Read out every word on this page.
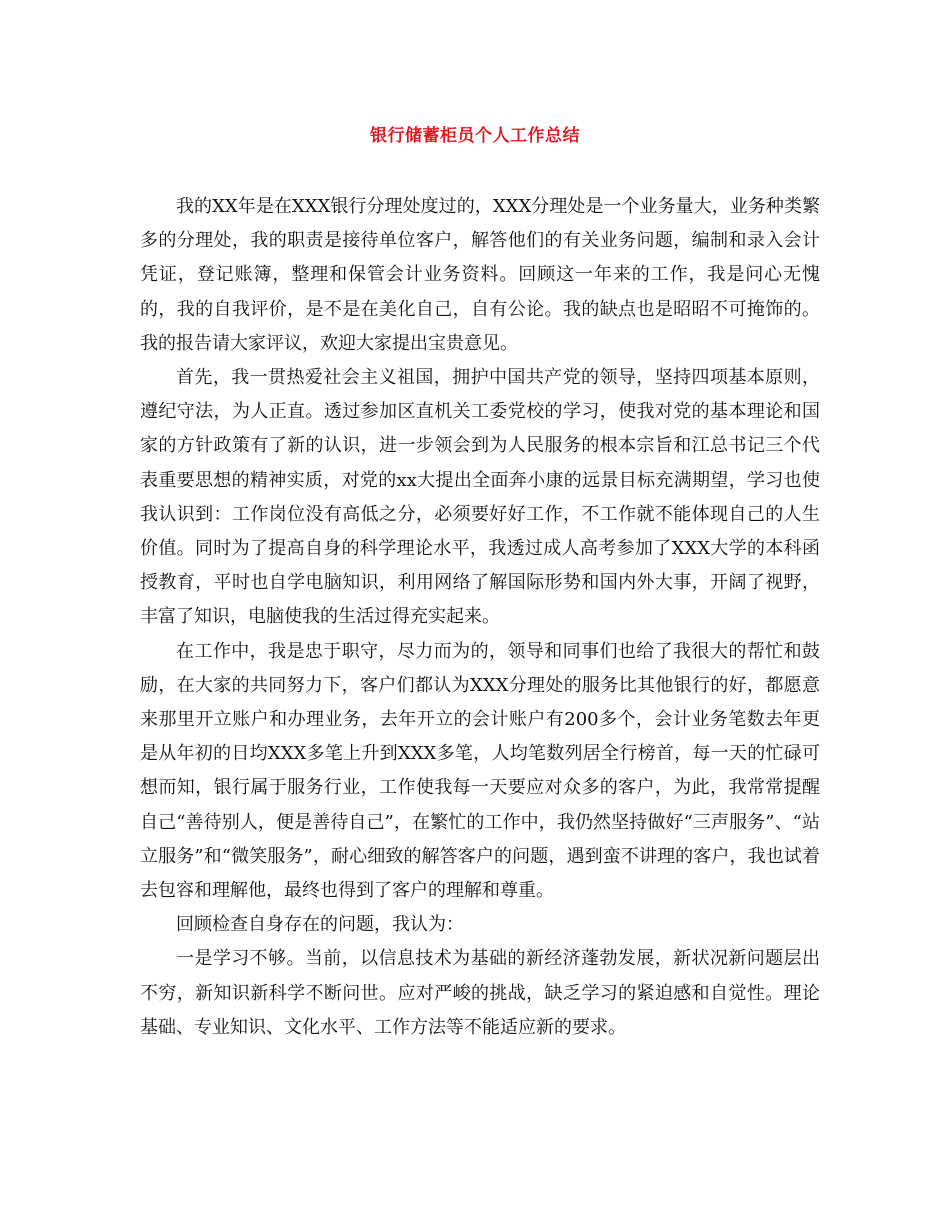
银行储蓄柜员个人工作总结

我的XX年是在XXX银行分理处度过的，XXX分理处是一个业务量大，业务种类繁多的分理处，我的职责是接待单位客户，解答他们的有关业务问题，编制和录入会计凭证，登记账簿，整理和保管会计业务资料。回顾这一年来的工作，我是问心无愧的，我的自我评价，是不是在美化自己，自有公论。我的缺点也是昭昭不可掩饰的。我的报告请大家评议，欢迎大家提出宝贵意见。

首先，我一贯热爱社会主义祖国，拥护中国共产党的领导，坚持四项基本原则，遵纪守法，为人正直。透过参加区直机关工委党校的学习，使我对党的基本理论和国家的方针政策有了新的认识，进一步领会到为人民服务的根本宗旨和江总书记三个代表重要思想的精神实质，对党的xx大提出全面奔小康的远景目标充满期望，学习也使我认识到：工作岗位没有高低之分，必须要好好工作，不工作就不能体现自己的人生价值。同时为了提高自身的科学理论水平，我透过成人高考参加了XXX大学的本科函授教育，平时也自学电脑知识，利用网络了解国际形势和国内外大事，开阔了视野，丰富了知识，电脑使我的生活过得充实起来。

在工作中，我是忠于职守，尽力而为的，领导和同事们也给了我很大的帮忙和鼓励，在大家的共同努力下，客户们都认为XXX分理处的服务比其他银行的好，都愿意来那里开立账户和办理业务，去年开立的会计账户有200多个，会计业务笔数去年更是从年初的日均XXX多笔上升到XXX多笔，人均笔数列居全行榜首，每一天的忙碌可想而知，银行属于服务行业，工作使我每一天要应对众多的客户，为此，我常常提醒自己“善待别人，便是善待自己”，在繁忙的工作中，我仍然坚持做好“三声服务”、“站立服务”和“微笑服务”，耐心细致的解答客户的问题，遇到蛮不讲理的客户，我也试着去包容和理解他，最终也得到了客户的理解和尊重。

回顾检查自身存在的问题，我认为：

一是学习不够。当前，以信息技术为基础的新经济蓬勃发展，新状况新问题层出不穷，新知识新科学不断问世。应对严峻的挑战，缺乏学习的紧迫感和自觉性。理论基础、专业知识、文化水平、工作方法等不能适应新的要求。
